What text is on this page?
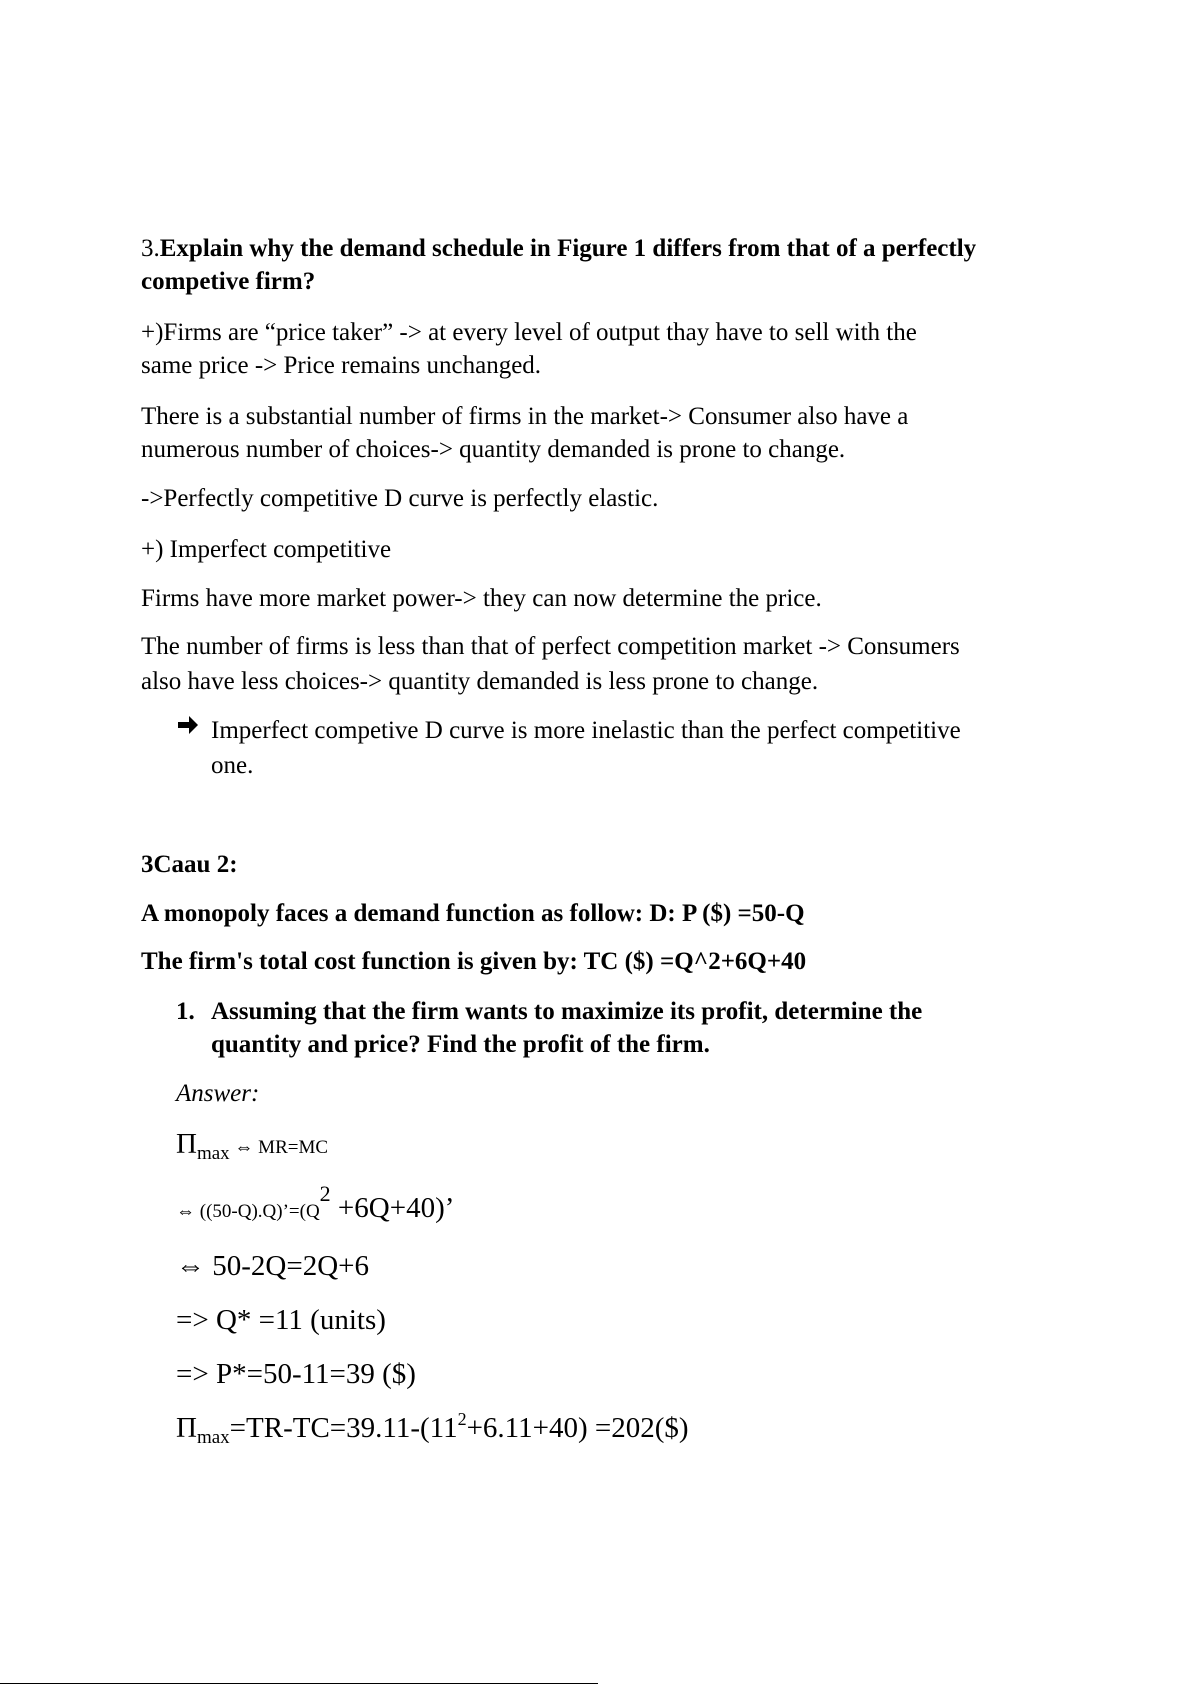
3.Explain why the demand schedule in Figure 1 differs from that of a perfectly

competive firm?

+)Firms are “price taker” -> at every level of output thay have to sell with the

same price -> Price remains unchanged.

There is a substantial number of firms in the market-> Consumer also have a

numerous number of choices-> quantity demanded is prone to change.

->Perfectly competitive D curve is perfectly elastic.

+) Imperfect competitive

Firms have more market power-> they can now determine the price.

The number of firms is less than that of perfect competition market -> Consumers

also have less choices-> quantity demanded is less prone to change.

Imperfect competive D curve is more inelastic than the perfect competitive

one.

3Caau 2:

A monopoly faces a demand function as follow: D: P ($) =50-Q

The firm's total cost function is given by: TC ($) =Q^2+6Q+40

1. Assuming that the firm wants to maximize its profit, determine the

quantity and price? Find the profit of the firm.

Answer:

$\Pi_{max}$ ⇔ MR=MC

⇔ ((50-Q).Q)’=(Q2 +6Q+40)’

⇔ 50-2Q=2Q+6

=> Q* =11 (units)

=> P*=50-11=39 ($)

$\Pi_{max}=TR-TC=39.11-(11^2+6.11+40)$ =202($)
